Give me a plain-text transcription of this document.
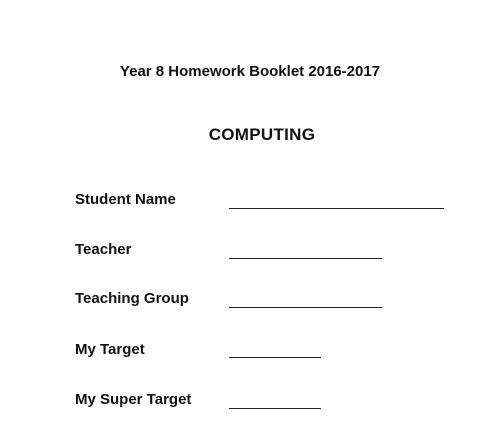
Year 8 Homework Booklet 2016-2017
COMPUTING
Student Name
Teacher
Teaching Group
My Target
My Super Target
